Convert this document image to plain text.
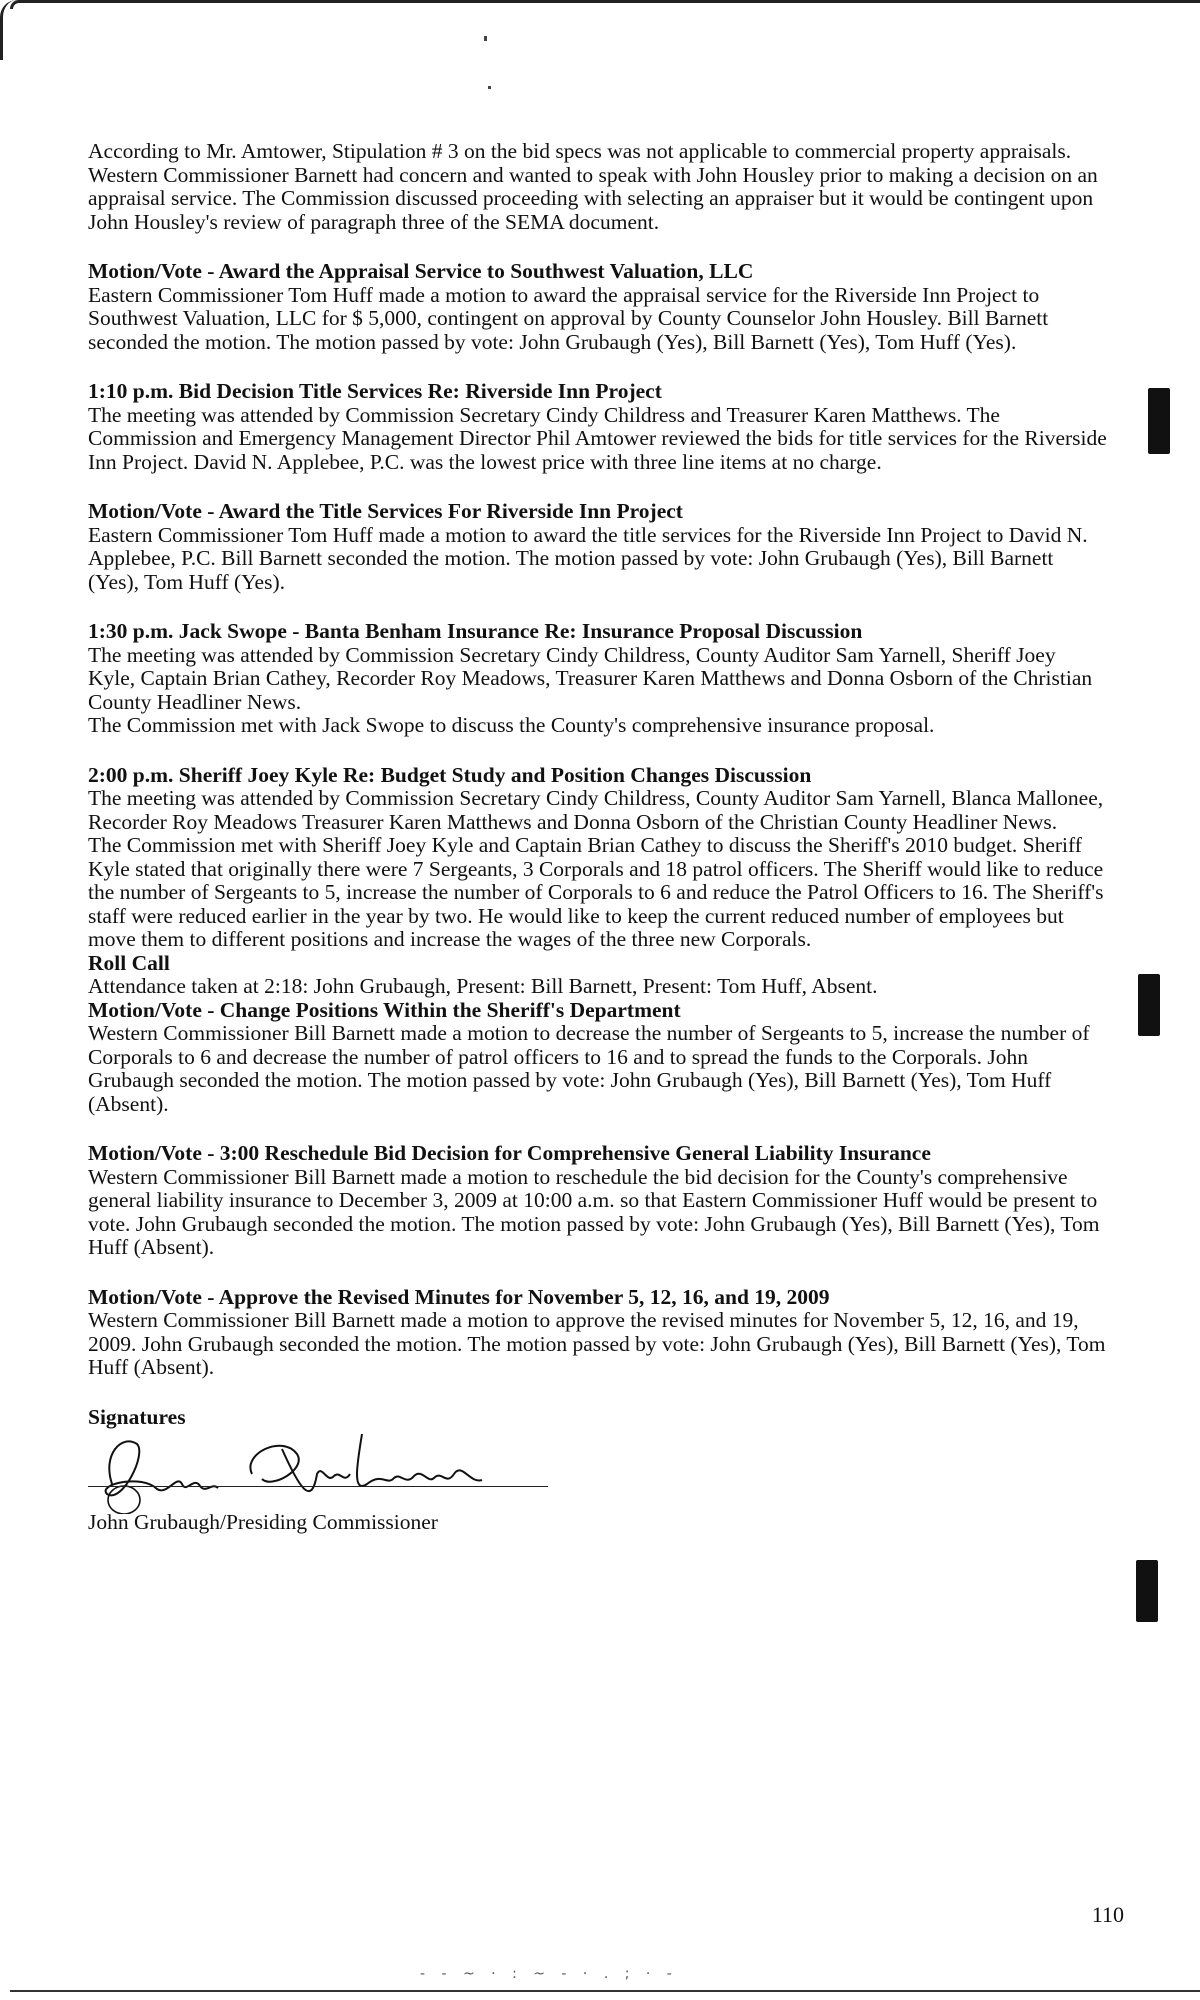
According to Mr. Amtower, Stipulation # 3 on the bid specs was not applicable to commercial property appraisals. Western Commissioner Barnett had concern and wanted to speak with John Housley prior to making a decision on an appraisal service. The Commission discussed proceeding with selecting an appraiser but it would be contingent upon John Housley's review of paragraph three of the SEMA document.
Motion/Vote - Award the Appraisal Service to Southwest Valuation, LLC
Eastern Commissioner Tom Huff made a motion to award the appraisal service for the Riverside Inn Project to Southwest Valuation, LLC for $ 5,000, contingent on approval by County Counselor John Housley. Bill Barnett seconded the motion. The motion passed by vote: John Grubaugh (Yes), Bill Barnett (Yes), Tom Huff (Yes).
1:10 p.m. Bid Decision Title Services Re: Riverside Inn Project
The meeting was attended by Commission Secretary Cindy Childress and Treasurer Karen Matthews. The Commission and Emergency Management Director Phil Amtower reviewed the bids for title services for the Riverside Inn Project. David N. Applebee, P.C. was the lowest price with three line items at no charge.
Motion/Vote - Award the Title Services For Riverside Inn Project
Eastern Commissioner Tom Huff made a motion to award the title services for the Riverside Inn Project to David N. Applebee, P.C. Bill Barnett seconded the motion. The motion passed by vote: John Grubaugh (Yes), Bill Barnett (Yes), Tom Huff (Yes).
1:30 p.m. Jack Swope - Banta Benham Insurance Re: Insurance Proposal Discussion
The meeting was attended by Commission Secretary Cindy Childress, County Auditor Sam Yarnell, Sheriff Joey Kyle, Captain Brian Cathey, Recorder Roy Meadows, Treasurer Karen Matthews and Donna Osborn of the Christian County Headliner News.
The Commission met with Jack Swope to discuss the County's comprehensive insurance proposal.
2:00 p.m. Sheriff Joey Kyle Re: Budget Study and Position Changes Discussion
The meeting was attended by Commission Secretary Cindy Childress, County Auditor Sam Yarnell, Blanca Mallonee, Recorder Roy Meadows Treasurer Karen Matthews and Donna Osborn of the Christian County Headliner News.
The Commission met with Sheriff Joey Kyle and Captain Brian Cathey to discuss the Sheriff's 2010 budget. Sheriff Kyle stated that originally there were 7 Sergeants, 3 Corporals and 18 patrol officers. The Sheriff would like to reduce the number of Sergeants to 5, increase the number of Corporals to 6 and reduce the Patrol Officers to 16. The Sheriff's staff were reduced earlier in the year by two. He would like to keep the current reduced number of employees but move them to different positions and increase the wages of the three new Corporals.
Roll Call
Attendance taken at 2:18: John Grubaugh, Present: Bill Barnett, Present: Tom Huff, Absent.
Motion/Vote - Change Positions Within the Sheriff's Department
Western Commissioner Bill Barnett made a motion to decrease the number of Sergeants to 5, increase the number of Corporals to 6 and decrease the number of patrol officers to 16 and to spread the funds to the Corporals. John Grubaugh seconded the motion. The motion passed by vote: John Grubaugh (Yes), Bill Barnett (Yes), Tom Huff (Absent).
Motion/Vote - 3:00 Reschedule Bid Decision for Comprehensive General Liability Insurance
Western Commissioner Bill Barnett made a motion to reschedule the bid decision for the County's comprehensive general liability insurance to December 3, 2009 at 10:00 a.m. so that Eastern Commissioner Huff would be present to vote. John Grubaugh seconded the motion. The motion passed by vote: John Grubaugh (Yes), Bill Barnett (Yes), Tom Huff (Absent).
Motion/Vote - Approve the Revised Minutes for November 5, 12, 16, and 19, 2009
Western Commissioner Bill Barnett made a motion to approve the revised minutes for November 5, 12, 16, and 19, 2009. John Grubaugh seconded the motion. The motion passed by vote: John Grubaugh (Yes), Bill Barnett (Yes), Tom Huff (Absent).
Signatures
John Grubaugh/Presiding Commissioner
110
- ‐ ~ · : ~ ‐ · . ; · -
